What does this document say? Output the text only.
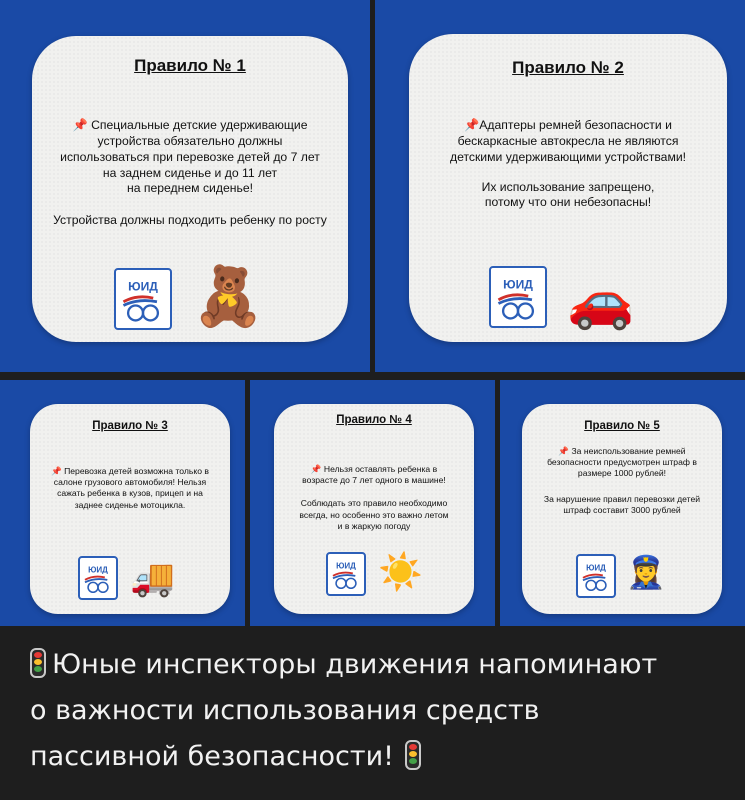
Правило № 1

📌 Специальные детские удерживающие

устройства обязательно должны

использоваться при перевозке детей до 7 лет

на заднем сиденье и до 11 лет

на переднем сиденье!

Устройства должны подходить ребенку по росту

ЮИД 🧸
Правило № 2

📌Адаптеры ремней безопасности и

бескаркасные автокресла не являются

детскими удерживающими устройствами!

Их использование запрещено,

потому что они небезопасны!

ЮИД 🚗
Правило № 3

📌 Перевозка детей возможна только в

салоне грузового автомобиля! Нельзя

сажать ребенка в кузов, прицеп и на

заднее сиденье мотоцикла.

ЮИД 🚚
Правило № 4

📌 Нельзя оставлять ребенка в

возрасте до 7 лет одного в машине!

Соблюдать это правило необходимо

всегда, но особенно это важно летом

и в жаркую погоду

ЮИД ☀️
Правило № 5

📌 За неиспользование ремней

безопасности предусмотрен штраф в

размере 1000 рублей!

За нарушение правил перевозки детей

штраф составит 3000 рублей

ЮИД 👮‍♀️
Юные инспекторы движения напоминают
о важности использования средств
пассивной безопасности!
